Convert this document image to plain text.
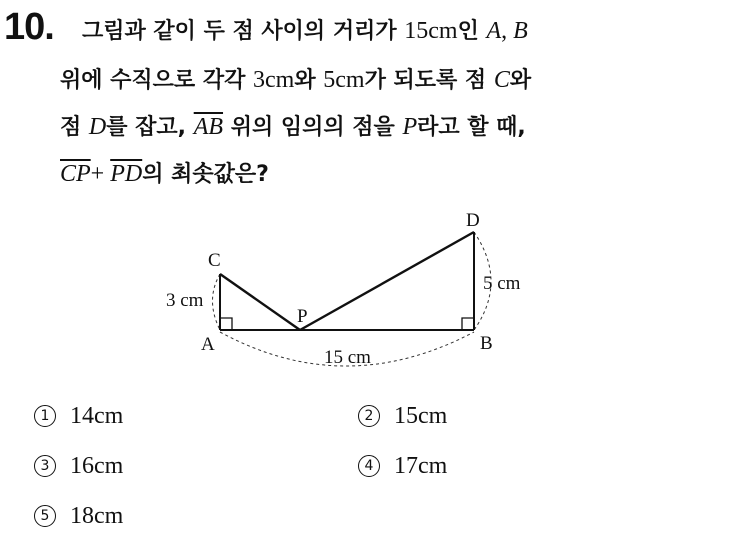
10. 그림과 같이 두 점 사이의 거리가 15cm인 A, B
위에 수직으로 각각 3cm와 5cm가 되도록 점 C와
점 D를 잡고, $\overline{AB}$ 위의 임의의 점을 P라고 할 때,
$\overline{CP}+ \overline{PD}$의 최솟값은?
C
D
P
A	B
3 cm
5 cm
15 cm
1 14cm	2 15cm
3 16cm	4 17cm
5 18cm
